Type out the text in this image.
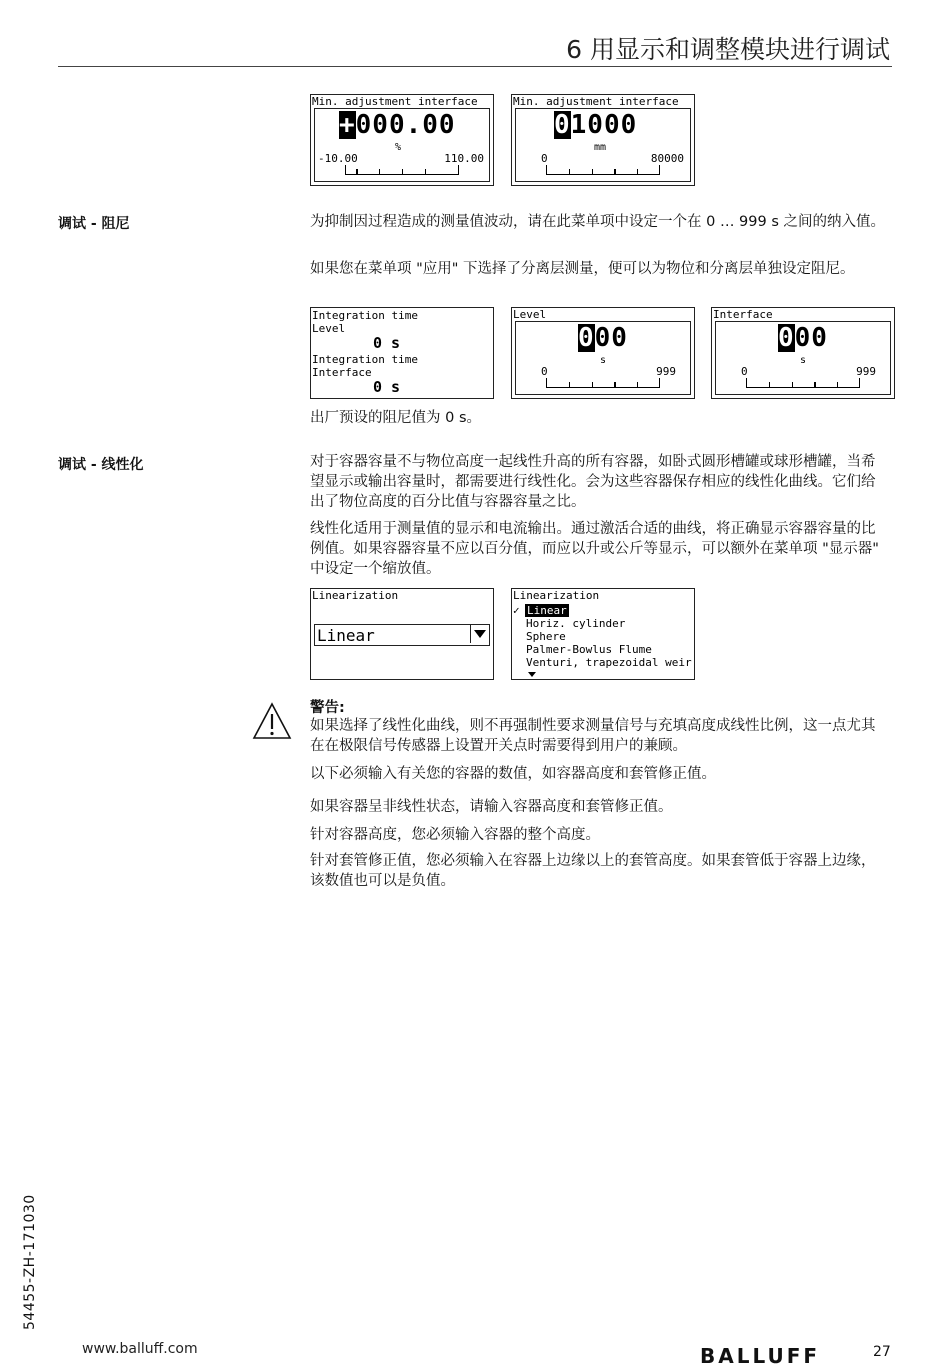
6 用显示和调整模块进行调试
Min. adjustment interface
+000.00
%
-10.00	110.00
Min. adjustment interface
01000
mm
0	80000
调试 - 阻尼	为抑制因过程造成的测量值波动，请在此菜单项中设定一个在 0 … 999 s 之间的纳入值。
如果您在菜单项 "应用" 下选择了分离层测量，便可以为物位和分离层单独设定阻尼。
Integration time
Level
0 s
Integration time
Interface
0 s
Level
000
s
0	999
Interface
000
s
0	999
出厂预设的阻尼值为 0 s。
调试 - 线性化	对于容器容量不与物位高度一起线性升高的所有容器，如卧式圆形槽罐或球形槽罐，当希望显示或输出容量时，都需要进行线性化。会为这些容器保存相应的线性化曲线。它们给出了物位高度的百分比值与容器容量之比。
线性化适用于测量值的显示和电流输出。通过激活合适的曲线，将正确显示容器容量的比例值。如果容器容量不应以百分值，而应以升或公斤等显示，可以额外在菜单项 "显示器" 中设定一个缩放值。
Linearization
Linear
Linearization
✓ Linear
Horiz. cylinder
Sphere
Palmer-Bowlus Flume
Venturi, trapezoidal weir
警告:
如果选择了线性化曲线，则不再强制性要求测量信号与充填高度成线性比例，这一点尤其在在极限信号传感器上设置开关点时需要得到用户的兼顾。
以下必须输入有关您的容器的数值，如容器高度和套管修正值。
如果容器呈非线性状态，请输入容器高度和套管修正值。
针对容器高度，您必须输入容器的整个高度。
针对套管修正值，您必须输入在容器上边缘以上的套管高度。如果套管低于容器上边缘，该数值也可以是负值。
54455-ZH-171030
www.balluff.com	BALLUFF	27
